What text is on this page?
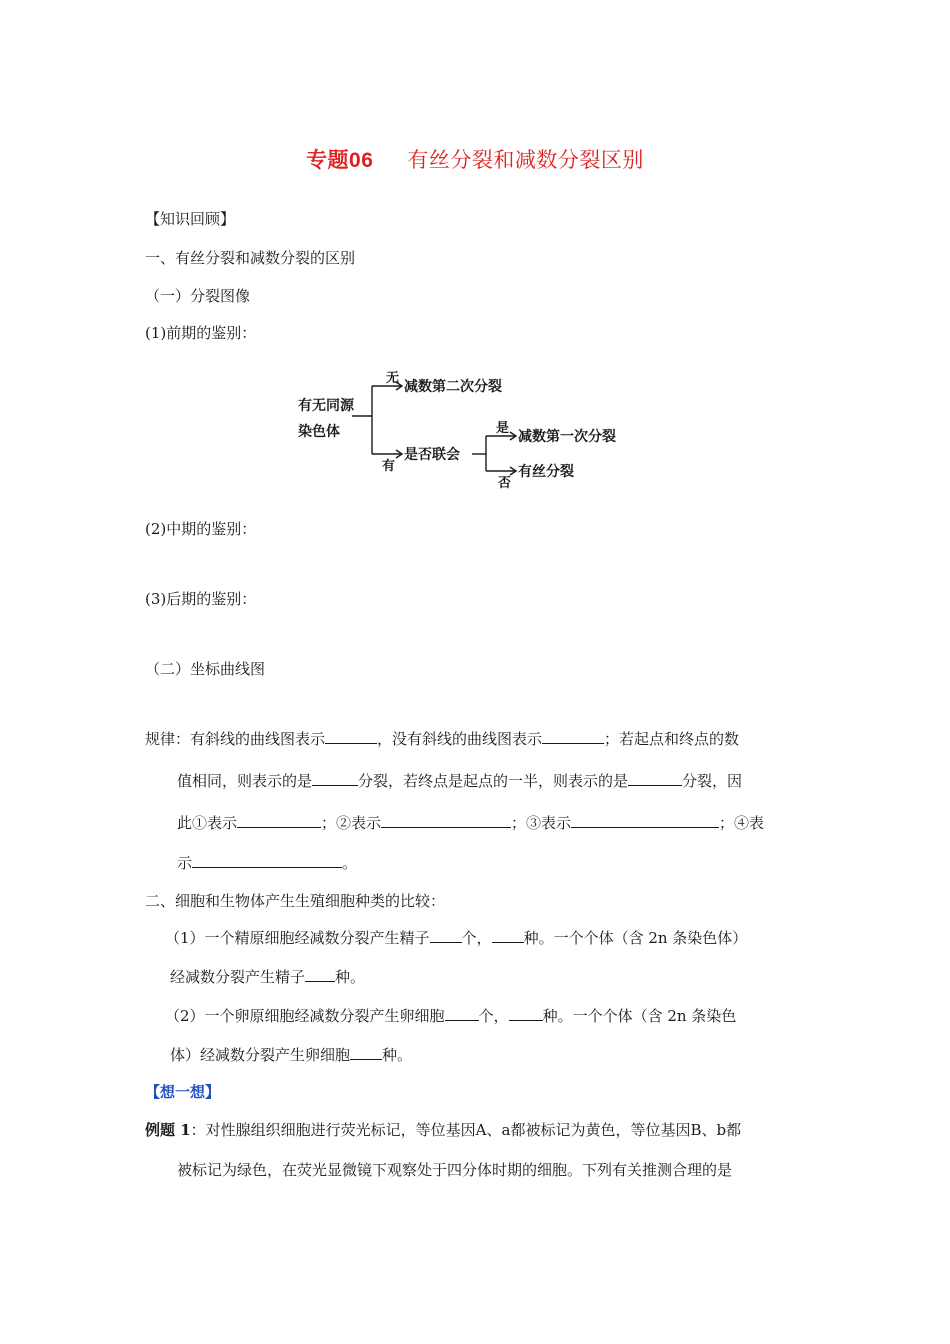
专题06 有丝分裂和减数分裂区别
【知识回顾】
一、有丝分裂和减数分裂的区别
（一）分裂图像
(1)前期的鉴别：
有无同源
染色体
无
减数第二次分裂
有
是否联会
是
减数第一次分裂
否
有丝分裂
(2)中期的鉴别：
(3)后期的鉴别：
（二）坐标曲线图
规律：有斜线的曲线图表示	，没有斜线的曲线图表示	；若起点和终点的数
值相同，则表示的是	分裂，若终点是起点的一半，则表示的是	分裂，因
此①表示	；②表示	；③表示	；④表
示	。
二、细胞和生物体产生生殖细胞种类的比较：
（1）一个精原细胞经减数分裂产生精子 个， 种。一个个体（含 2n 条染色体）
经减数分裂产生精子 种。
（2）一个卵原细胞经减数分裂产生卵细胞 个， 种。一个个体（含 2n 条染色
体）经减数分裂产生卵细胞 种。
【想一想】
例题 1：对性腺组织细胞进行荧光标记，等位基因A、a都被标记为黄色，等位基因B、b都
被标记为绿色，在荧光显微镜下观察处于四分体时期的细胞。下列有关推测合理的是
